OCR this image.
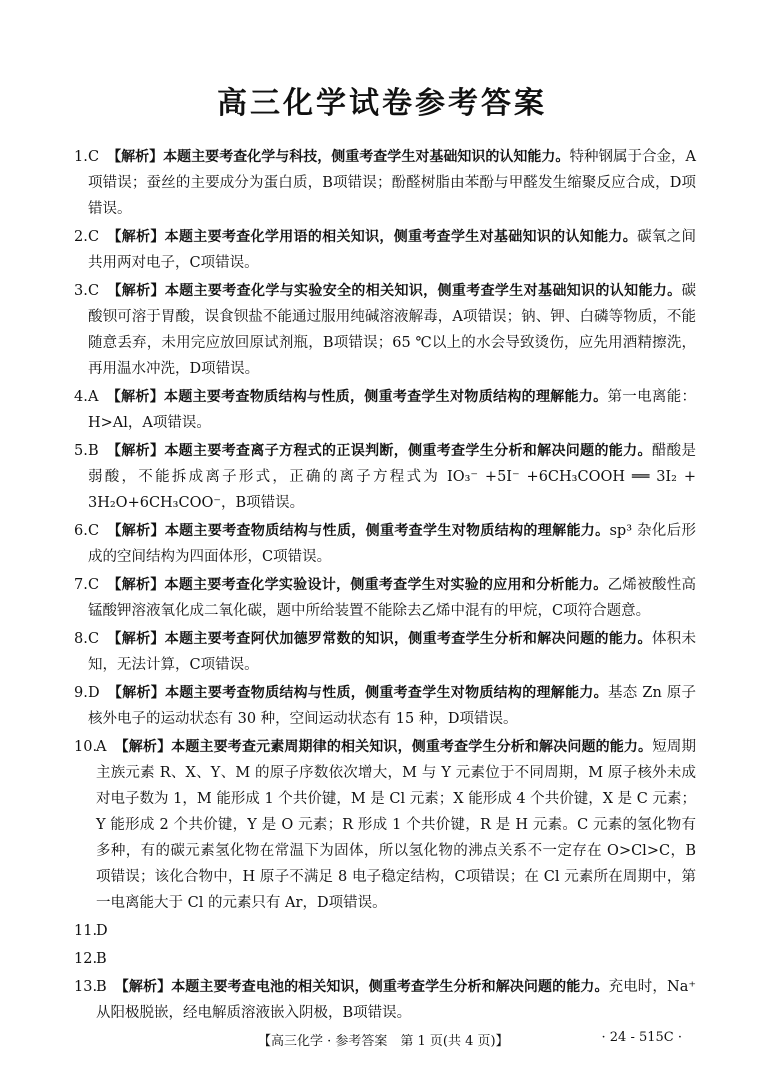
高三化学试卷参考答案
1. C 【解析】本题主要考查化学与科技，侧重考查学生对基础知识的认知能力。特种钢属于合金，A项错误；蚕丝的主要成分为蛋白质，B项错误；酚醛树脂由苯酚与甲醛发生缩聚反应合成，D项错误。
2. C 【解析】本题主要考查化学用语的相关知识，侧重考查学生对基础知识的认知能力。碳氧之间共用两对电子，C项错误。
3. C 【解析】本题主要考查化学与实验安全的相关知识，侧重考查学生对基础知识的认知能力。碳酸钡可溶于胃酸，误食钡盐不能通过服用纯碱溶液解毒，A项错误；钠、钾、白磷等物质，不能随意丢弃，未用完应放回原试剂瓶，B项错误；65 ℃以上的水会导致烫伤，应先用酒精擦洗，再用温水冲洗，D项错误。
4. A 【解析】本题主要考查物质结构与性质，侧重考查学生对物质结构的理解能力。第一电离能：H>Al，A项错误。
5. B 【解析】本题主要考查离子方程式的正误判断，侧重考查学生分析和解决问题的能力。醋酸是弱酸，不能拆成离子形式，正确的离子方程式为 IO₃⁻ +5I⁻ +6CH₃COOH ══ 3I₂ + 3H₂O+6CH₃COO⁻，B项错误。
6. C 【解析】本题主要考查物质结构与性质，侧重考查学生对物质结构的理解能力。sp³ 杂化后形成的空间结构为四面体形，C项错误。
7. C 【解析】本题主要考查化学实验设计，侧重考查学生对实验的应用和分析能力。乙烯被酸性高锰酸钾溶液氧化成二氧化碳，题中所给装置不能除去乙烯中混有的甲烷，C项符合题意。
8. C 【解析】本题主要考查阿伏加德罗常数的知识，侧重考查学生分析和解决问题的能力。体积未知，无法计算，C项错误。
9. D 【解析】本题主要考查物质结构与性质，侧重考查学生对物质结构的理解能力。基态 Zn 原子核外电子的运动状态有 30 种，空间运动状态有 15 种，D项错误。
10.
A 【解析】本题主要考查元素周期律的相关知识，侧重考查学生分析和解决问题的能力。短周期主族元素 R、X、Y、M 的原子序数依次增大，M 与 Y 元素位于不同周期，M 原子核外未成对电子数为 1，M 能形成 1 个共价键，M 是 Cl 元素；X 能形成 4 个共价键，X 是 C 元素；Y 能形成 2 个共价键，Y 是 O 元素；R 形成 1 个共价键，R 是 H 元素。C 元素的氢化物有多种，有的碳元素氢化物在常温下为固体，所以氢化物的沸点关系不一定存在 O>Cl>C，B项错误；该化合物中，H 原子不满足 8 电子稳定结构，C项错误；在 Cl 元素所在周期中，第一电离能大于 Cl 的元素只有 Ar，D项错误。
11.
D
12.
B
13.
B 【解析】本题主要考查电池的相关知识，侧重考查学生分析和解决问题的能力。充电时，Na⁺从阳极脱嵌，经电解质溶液嵌入阴极，B项错误。
【高三化学 · 参考答案　第 1 页(共 4 页)】	· 24 - 515C ·
